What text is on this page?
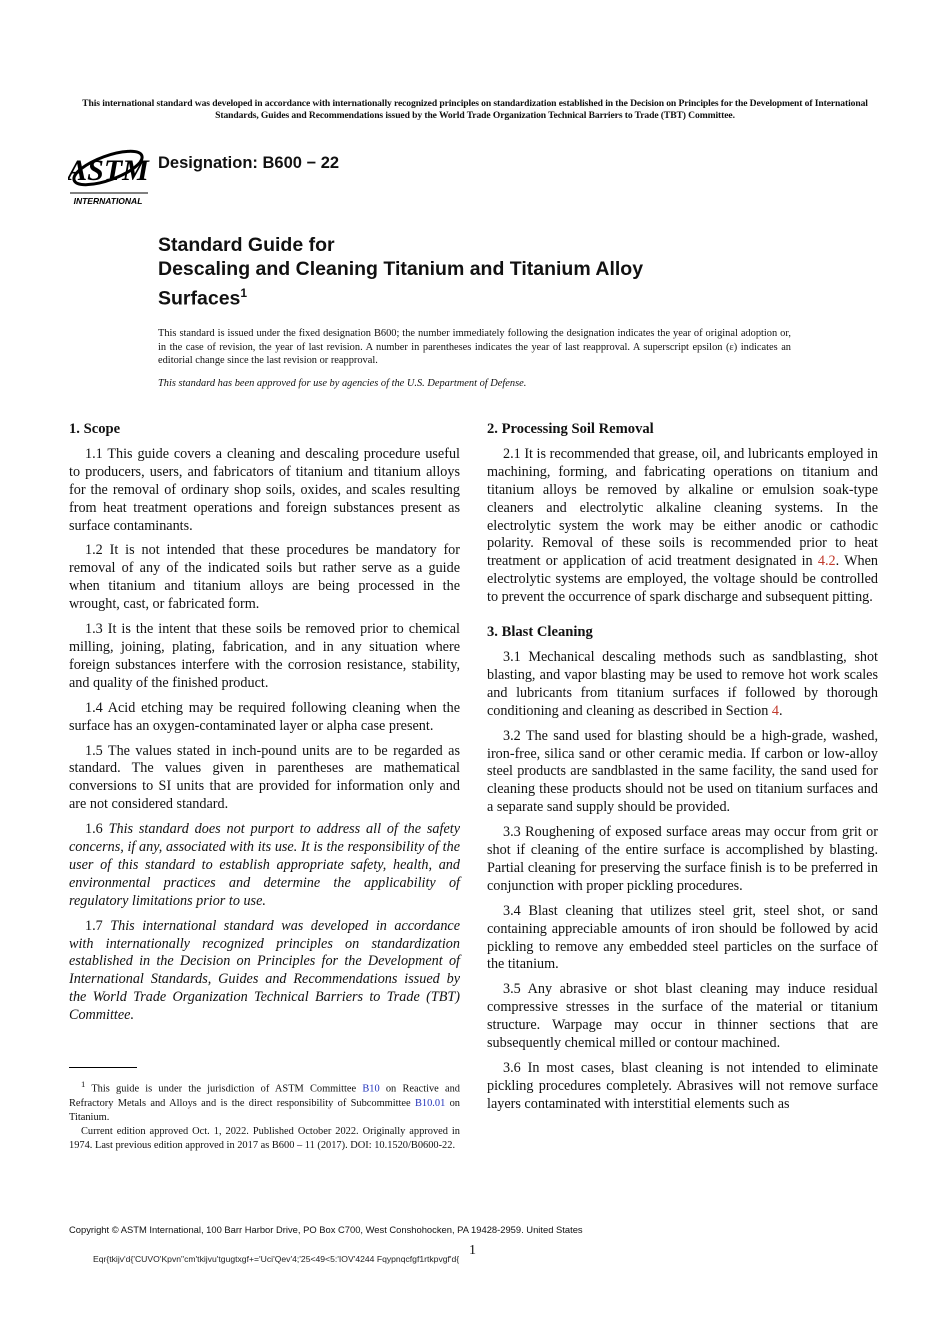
This international standard was developed in accordance with internationally recognized principles on standardization established in the Decision on Principles for the Development of International Standards, Guides and Recommendations issued by the World Trade Organization Technical Barriers to Trade (TBT) Committee.
ASTM
INTERNATIONAL
Designation: B600 − 22
Standard Guide for
Descaling and Cleaning Titanium and Titanium Alloy
Surfaces$^1$
This standard is issued under the fixed designation B600; the number immediately following the designation indicates the year of original adoption or, in the case of revision, the year of last revision. A number in parentheses indicates the year of last reapproval. A superscript epsilon (ε) indicates an editorial change since the last revision or reapproval.
This standard has been approved for use by agencies of the U.S. Department of Defense.
1. Scope

1.1 This guide covers a cleaning and descaling procedure useful to producers, users, and fabricators of titanium and titanium alloys for the removal of ordinary shop soils, oxides, and scales resulting from heat treatment operations and foreign substances present as surface contaminants.

1.2 It is not intended that these procedures be mandatory for removal of any of the indicated soils but rather serve as a guide when titanium and titanium alloys are being processed in the wrought, cast, or fabricated form.

1.3 It is the intent that these soils be removed prior to chemical milling, joining, plating, fabrication, and in any situation where foreign substances interfere with the corrosion resistance, stability, and quality of the finished product.

1.4 Acid etching may be required following cleaning when the surface has an oxygen-contaminated layer or alpha case present.

1.5 The values stated in inch-pound units are to be regarded as standard. The values given in parentheses are mathematical conversions to SI units that are provided for information only and are not considered standard.

1.6 This standard does not purport to address all of the safety concerns, if any, associated with its use. It is the responsibility of the user of this standard to establish appropriate safety, health, and environmental practices and determine the applicability of regulatory limitations prior to use.

1.7 This international standard was developed in accordance with internationally recognized principles on standardization established in the Decision on Principles for the Development of International Standards, Guides and Recommendations issued by the World Trade Organization Technical Barriers to Trade (TBT) Committee.

2. Processing Soil Removal

2.1 It is recommended that grease, oil, and lubricants employed in machining, forming, and fabricating operations on titanium and titanium alloys be removed by alkaline or emulsion soak-type cleaners and electrolytic alkaline cleaning systems. In the electrolytic system the work may be either anodic or cathodic polarity. Removal of these soils is recommended prior to heat treatment or application of acid treatment designated in 4.2. When electrolytic systems are employed, the voltage should be controlled to prevent the occurrence of spark discharge and subsequent pitting.

3. Blast Cleaning

3.1 Mechanical descaling methods such as sandblasting, shot blasting, and vapor blasting may be used to remove hot work scales and lubricants from titanium surfaces if followed by thorough conditioning and cleaning as described in Section 4.

3.2 The sand used for blasting should be a high-grade, washed, iron-free, silica sand or other ceramic media. If carbon or low-alloy steel products are sandblasted in the same facility, the sand used for cleaning these products should not be used on titanium surfaces and a separate sand supply should be provided.

3.3 Roughening of exposed surface areas may occur from grit or shot if cleaning of the entire surface is accomplished by blasting. Partial cleaning for preserving the surface finish is to be preferred in conjunction with proper pickling procedures.

3.4 Blast cleaning that utilizes steel grit, steel shot, or sand containing appreciable amounts of iron should be followed by acid pickling to remove any embedded steel particles on the surface of the titanium.

3.5 Any abrasive or shot blast cleaning may induce residual compressive stresses in the surface of the material or titanium structure. Warpage may occur in thinner sections that are subsequently chemical milled or contour machined.

3.6 In most cases, blast cleaning is not intended to eliminate pickling procedures completely. Abrasives will not remove surface layers contaminated with interstitial elements such as

$^1$ This guide is under the jurisdiction of ASTM Committee B10 on Reactive and Refractory Metals and Alloys and is the direct responsibility of Subcommittee B10.01 on Titanium.

Current edition approved Oct. 1, 2022. Published October 2022. Originally approved in 1974. Last previous edition approved in 2017 as B600 – 11 (2017). DOI: 10.1520/B0600-22.

Copyright © ASTM International, 100 Barr Harbor Drive, PO Box C700, West Conshohocken, PA 19428-2959. United States
1
Eqr{tkijv'd{'CUVO'Kpvn"cm'tkijvu'tgugtxgf+='Uci'Qev'4;'25<49<5:'IOV'4244 Fqypnqcfgf1rtkpvgf'd{
